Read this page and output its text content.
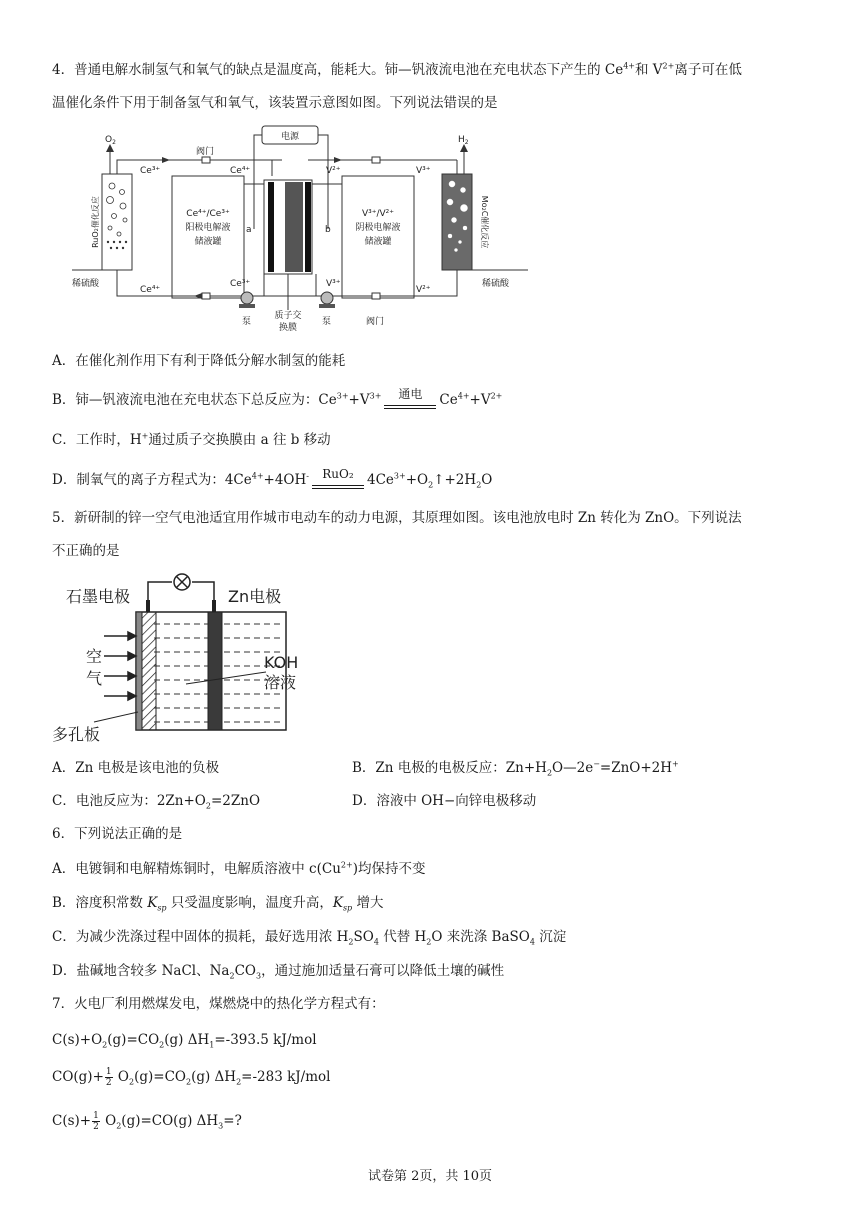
4．普通电解水制氢气和氧气的缺点是温度高，能耗大。铈—钒液流电池在充电状态下产生的 $Ce^{4+}$和 $V^{2+}$离子可在低
温催化条件下用于制备氢气和氧气，该装置示意图如图。下列说法错误的是
电源
$O_2$	$H_2$
阀门
阀门
Ce³⁺	Ce⁴⁺	V²⁺	V³⁺
Ce⁴⁺
Ce³⁺	V³⁺
V²⁺
稀硫酸	稀硫酸
Ce⁴⁺/Ce³⁺
阳极电解液
储液罐
V³⁺/V²⁺
阴极电解液
储液罐
a	b
泵	泵
质子交
换膜
RuO₂催化反应	Mo₂C催化反应
A．在催化剂作用下有利于降低分解水制氢的能耗
B．铈—钒液流电池在充电状态下总反应为：$Ce^{3+}+V^{3+}$	通电	$Ce^{4+}+V^{2+}$
C．工作时，H+通过质子交换膜由 a 往 b 移动
D．制氧气的离子方程式为：$4Ce^{4+}+4OH^-$	RuO₂ $4Ce^{3+}+O_2↑+2H_2O$
5．新研制的锌一空气电池适宜用作城市电动车的动力电源，其原理如图。该电池放电时 Zn 转化为 ZnO。下列说法
不正确的是
石墨电极	Zn电极
空
气
KOH
溶液
多孔板
A．Zn 电极是该电池的负极	B．Zn 电极的电极反应：$Zn+H_2O—2e^-=ZnO+2H^+$
C．电池反应为：$2Zn+O_2=2ZnO$	D．溶液中 OH−向锌电极移动
6．下列说法正确的是
A．电镀铜和电解精炼铜时，电解质溶液中 $c(Cu^{2+})$均保持不变
B．溶度积常数 $K_{sp}$ 只受温度影响，温度升高，$K_{sp}$ 增大
C．为减少洗涤过程中固体的损耗，最好选用浓 $H_2SO_4$ 代替 $H_2O$ 来洗涤 BaSO$_4$ 沉淀
D．盐碱地含较多 NaCl、$Na_2CO_3$，通过施加适量石膏可以降低土壤的碱性
7．火电厂利用燃煤发电，煤燃烧中的热化学方程式有：
$C(s)+O_2(g)=CO_2(g)$ $\Delta H_1=-393.5$ kJ/mol
$CO(g)+ \frac{1}{2} O_2(g)=CO_2(g)$ $\Delta H_2=-283$ kJ/mol
$C(s)+ \frac{1}{2} O_2(g)=CO(g)$ $\Delta H_3=$?
试卷第 2页，共 10页
